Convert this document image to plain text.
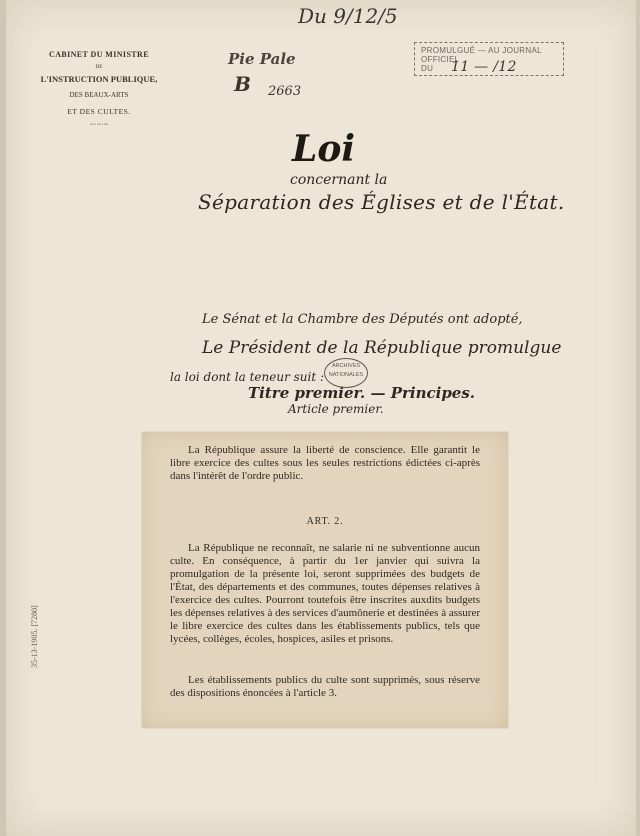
CABINET DU MINISTRE
DE
L'INSTRUCTION PUBLIQUE,
DES BEAUX-ARTS
ET DES CULTES.
~·~·~
Du 9/12/5
Pie Pale
B 2663
PROMULGUÉ — AU JOURNAL OFFICIEL
DU 11 — /12
Loi
concernant la
Séparation des Églises et de l'État.
Le Sénat et la Chambre des Députés ont adopté,
Le Président de la République promulgue
la loi dont la teneur suit :
Titre premier. — Principes.
Article premier.
ARCHIVES
NATIONALES
35-13-1905. [7280]

La République assure la liberté de conscience. Elle garantit le libre exercice des cultes sous les seules restrictions édictées ci-après dans l'intérêt de l'ordre public.

ART. 2.

La République ne reconnaît, ne salarie ni ne subventionne aucun culte. En conséquence, à partir du 1er janvier qui suivra la promulgation de la présente loi, seront supprimées des budgets de l'État, des départements et des communes, toutes dépenses relatives à l'exercice des cultes. Pourront toutefois être inscrites auxdits budgets les dépenses relatives à des services d'aumônerie et destinées à assurer le libre exercice des cultes dans les établissements publics, tels que lycées, collèges, écoles, hospices, asiles et prisons.

Les établissements publics du culte sont supprimés, sous réserve des dispositions énoncées à l'article 3.
